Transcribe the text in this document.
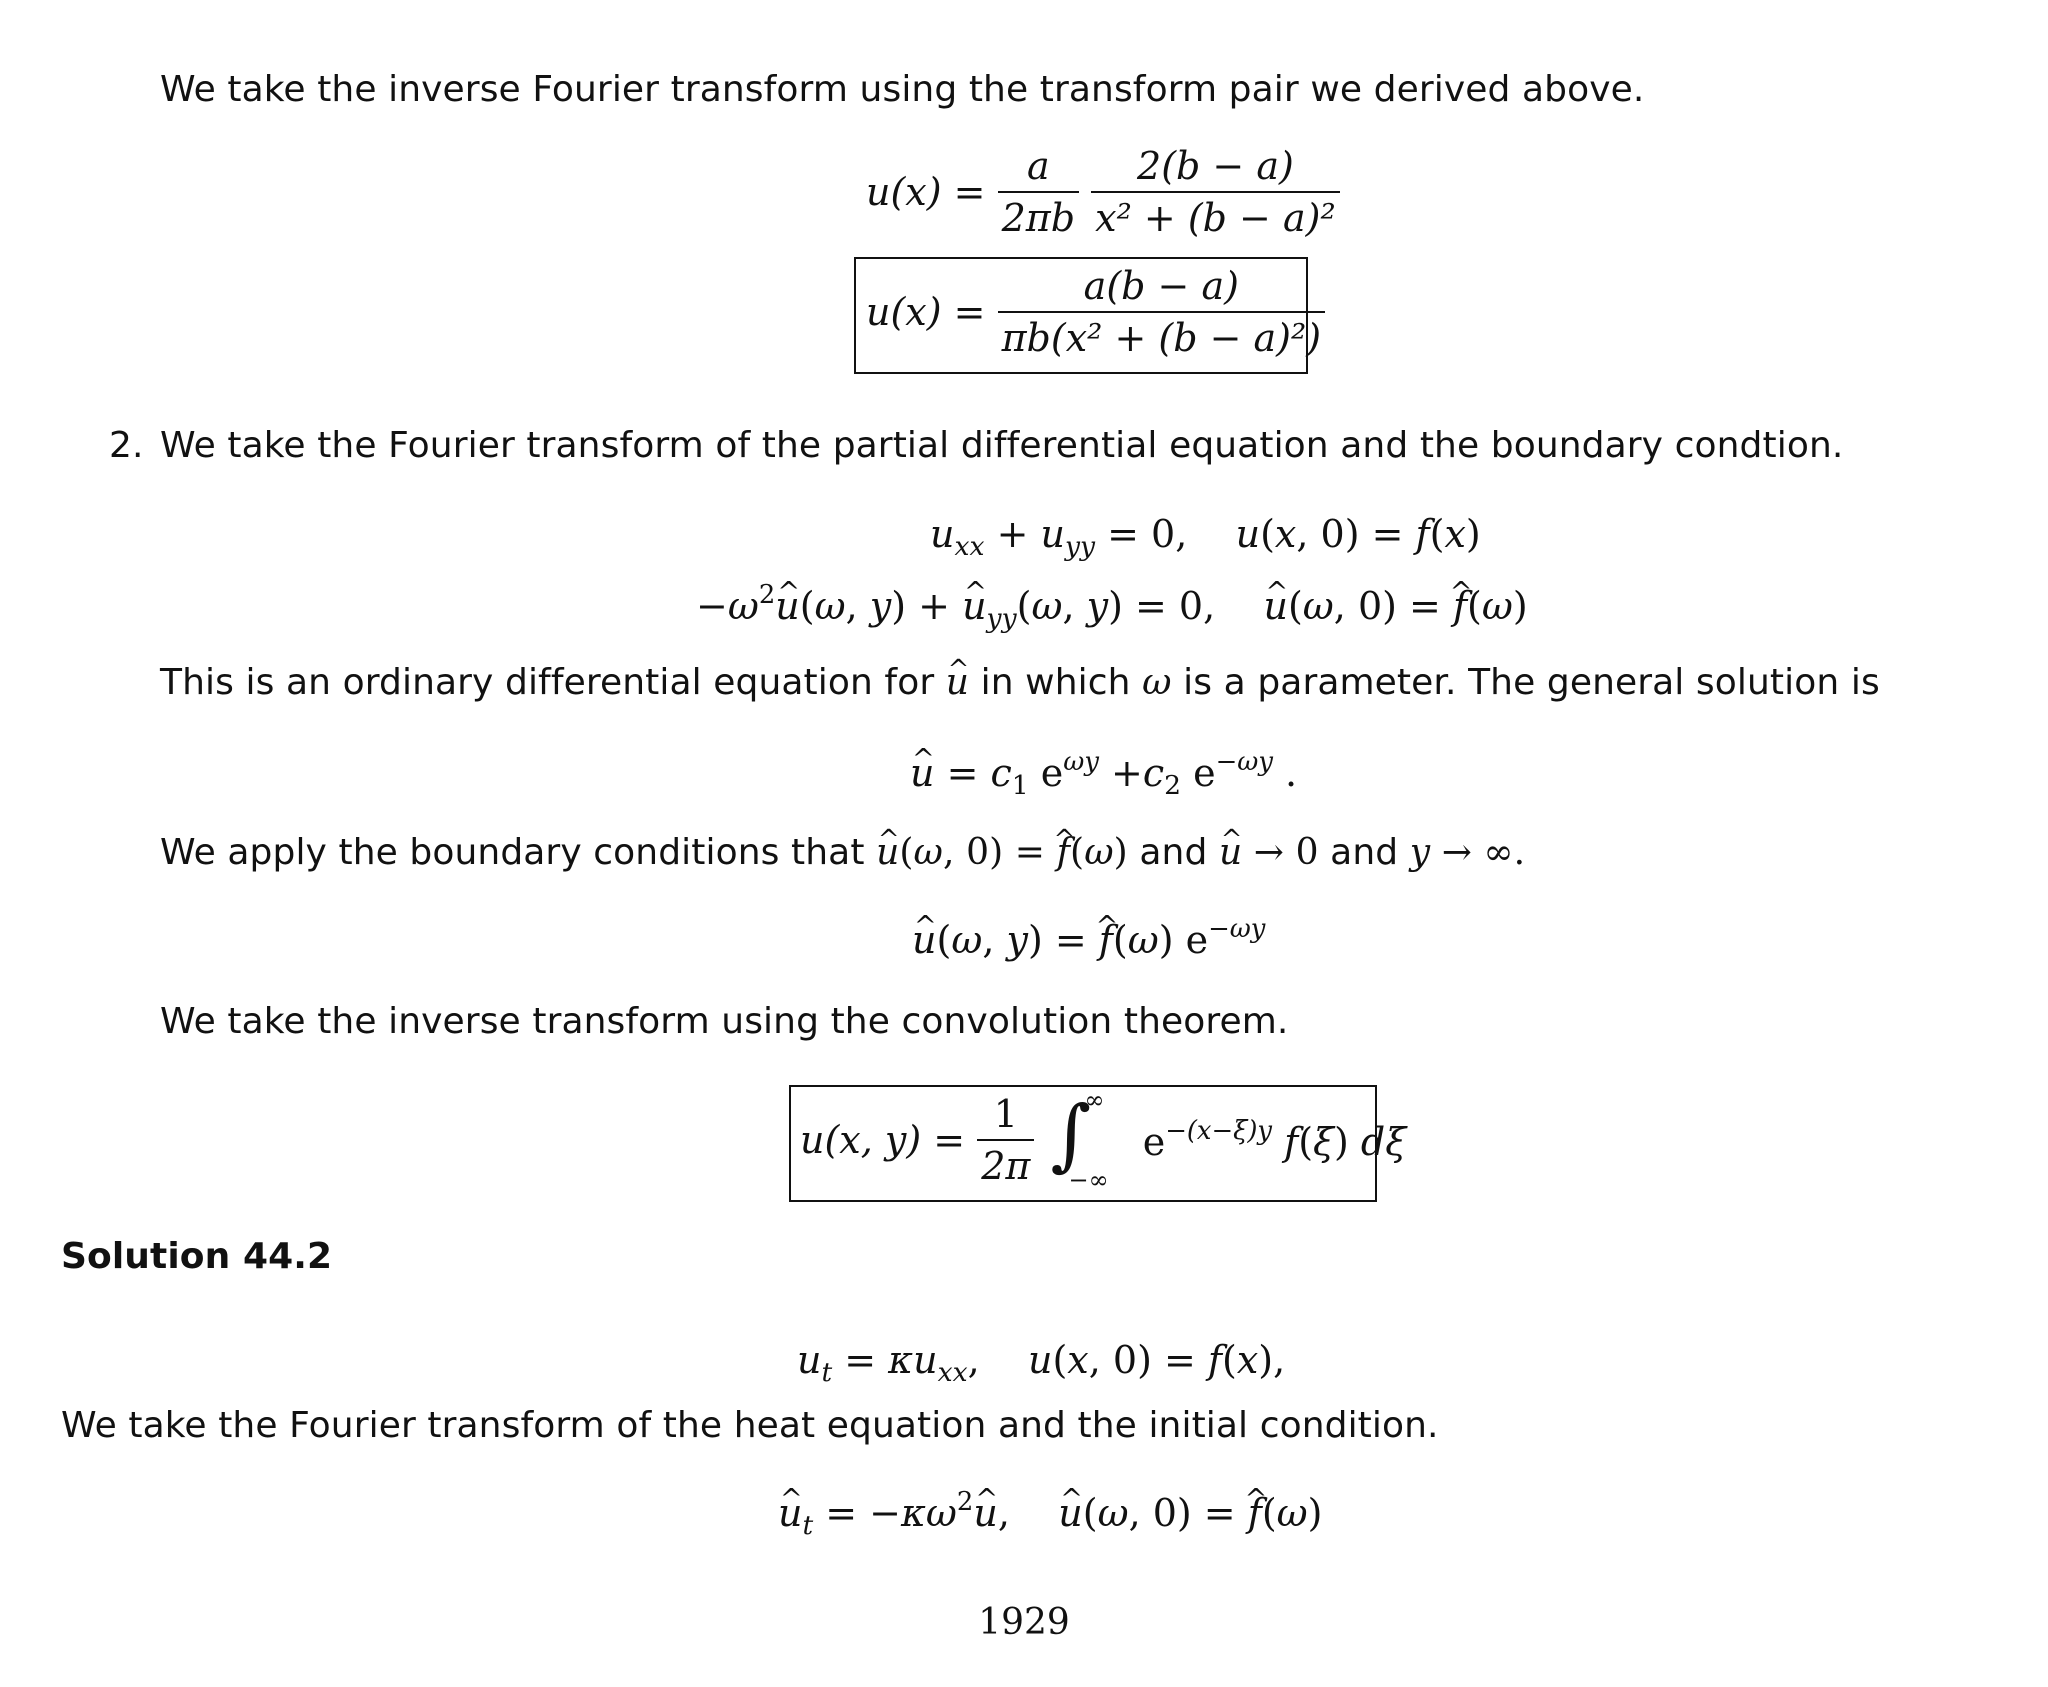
We take the inverse Fourier transform using the transform pair we derived above.
$u(x) = \frac{a}{2\pi b}$
$\frac{2(b - a)}{\text{x² + (b − a)²}}$
$u(x) = \frac{a(b - a)}{\text{πb(x² + (b − a)²)}}$
2. We take the Fourier transform of the partial differential equation and the boundary condtion.
$u_{xx} + u_{yy} = 0$,    u(x, 0) = f(x)
$-\omega^2u$ ^(ω, y) + u $\^{}_{yy}(\omega$, y) = 0,    u ^(ω, 0) = f ^(ω)
This is an ordinary differential equation for u ^ in which ω is a parameter. The general solution is
u ^ = $c_1$ $e^{\omega y} +c_2$ $e^{-\omega y}$ .
We apply the boundary conditions that u ^(ω, 0) = f ^(ω) and u ^ → 0 and y → ∞.
u ^(ω, y) = f ^(ω) $e^{-\omega y}$
We take the inverse transform using the convolution theorem.
u(x, $y) = \frac{1}{2\pi}$
∫
∞
−∞
$e^{-(x-\xi)y}$ f(ξ) dξ
Solution 44.2
$u_t = \kappa u_{xx}$,    u(x, 0) = f(x),
We take the Fourier transform of the heat equation and the initial condition.
u $\^{}_t = -\kappa\omega^2u$ ^,    u ^(ω, 0) = f ^(ω)
1929
